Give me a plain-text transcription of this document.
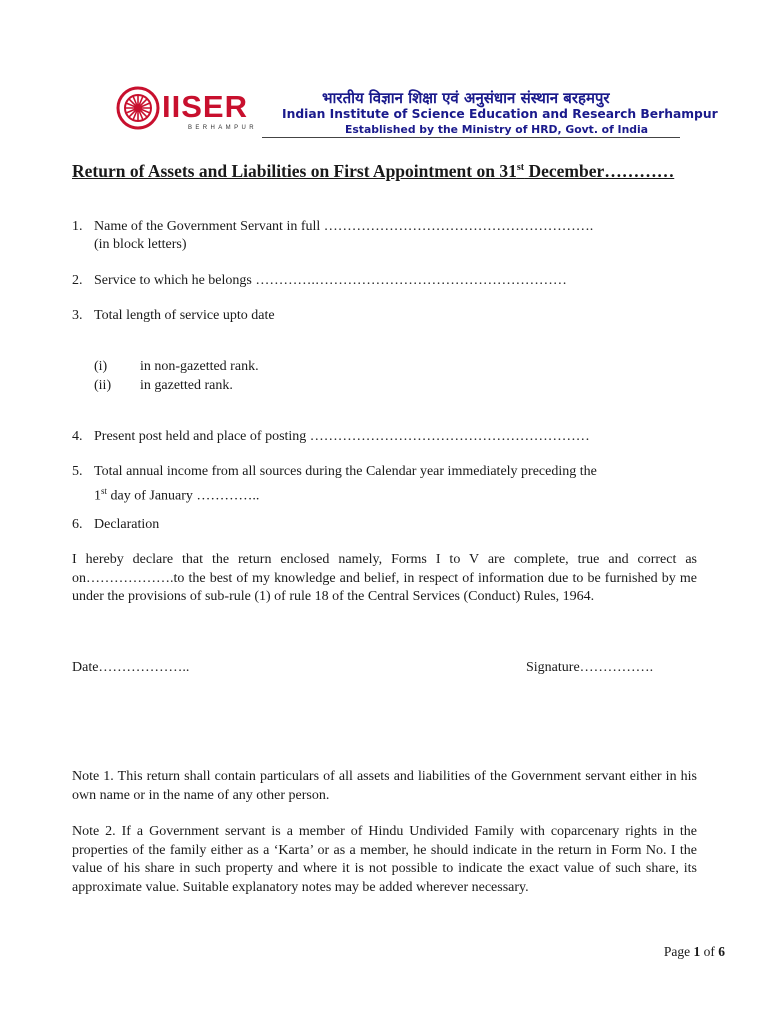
IISER
BERHAMPUR
भारतीय विज्ञान शिक्षा एवं अनुसंधान संस्थान बरहमपुर
Indian Institute of Science Education and Research Berhampur
Established by the Ministry of HRD, Govt. of India
Return of Assets and Liabilities on First Appointment on 31st December…………
1. Name of the Government Servant in full ………………………………………………….
(in block letters)
2. Service to which he belongs ………….………………………………………………
3. Total length of service upto date
(i) in non-gazetted rank.
(ii) in gazetted rank.
4. Present post held and place of posting ……………………………………………………
5. Total annual income from all sources during the Calendar year immediately preceding the
1st day of January …………..
6. Declaration
I hereby declare that the return enclosed namely, Forms I to V are complete, true and correct as on……………….to the best of my knowledge and belief, in respect of information due to be furnished by me under the provisions of sub-rule (1) of rule 18 of the Central Services (Conduct) Rules, 1964.
Date………………..	Signature…………….
Note 1. This return shall contain particulars of all assets and liabilities of the Government servant either in his own name or in the name of any other person.
Note 2. If a Government servant is a member of Hindu Undivided Family with coparcenary rights in the properties of the family either as a ‘Karta’ or as a member, he should indicate in the return in Form No. I the value of his share in such property and where it is not possible to indicate the exact value of such share, its approximate value. Suitable explanatory notes may be added wherever necessary.
Page 1 of 6
